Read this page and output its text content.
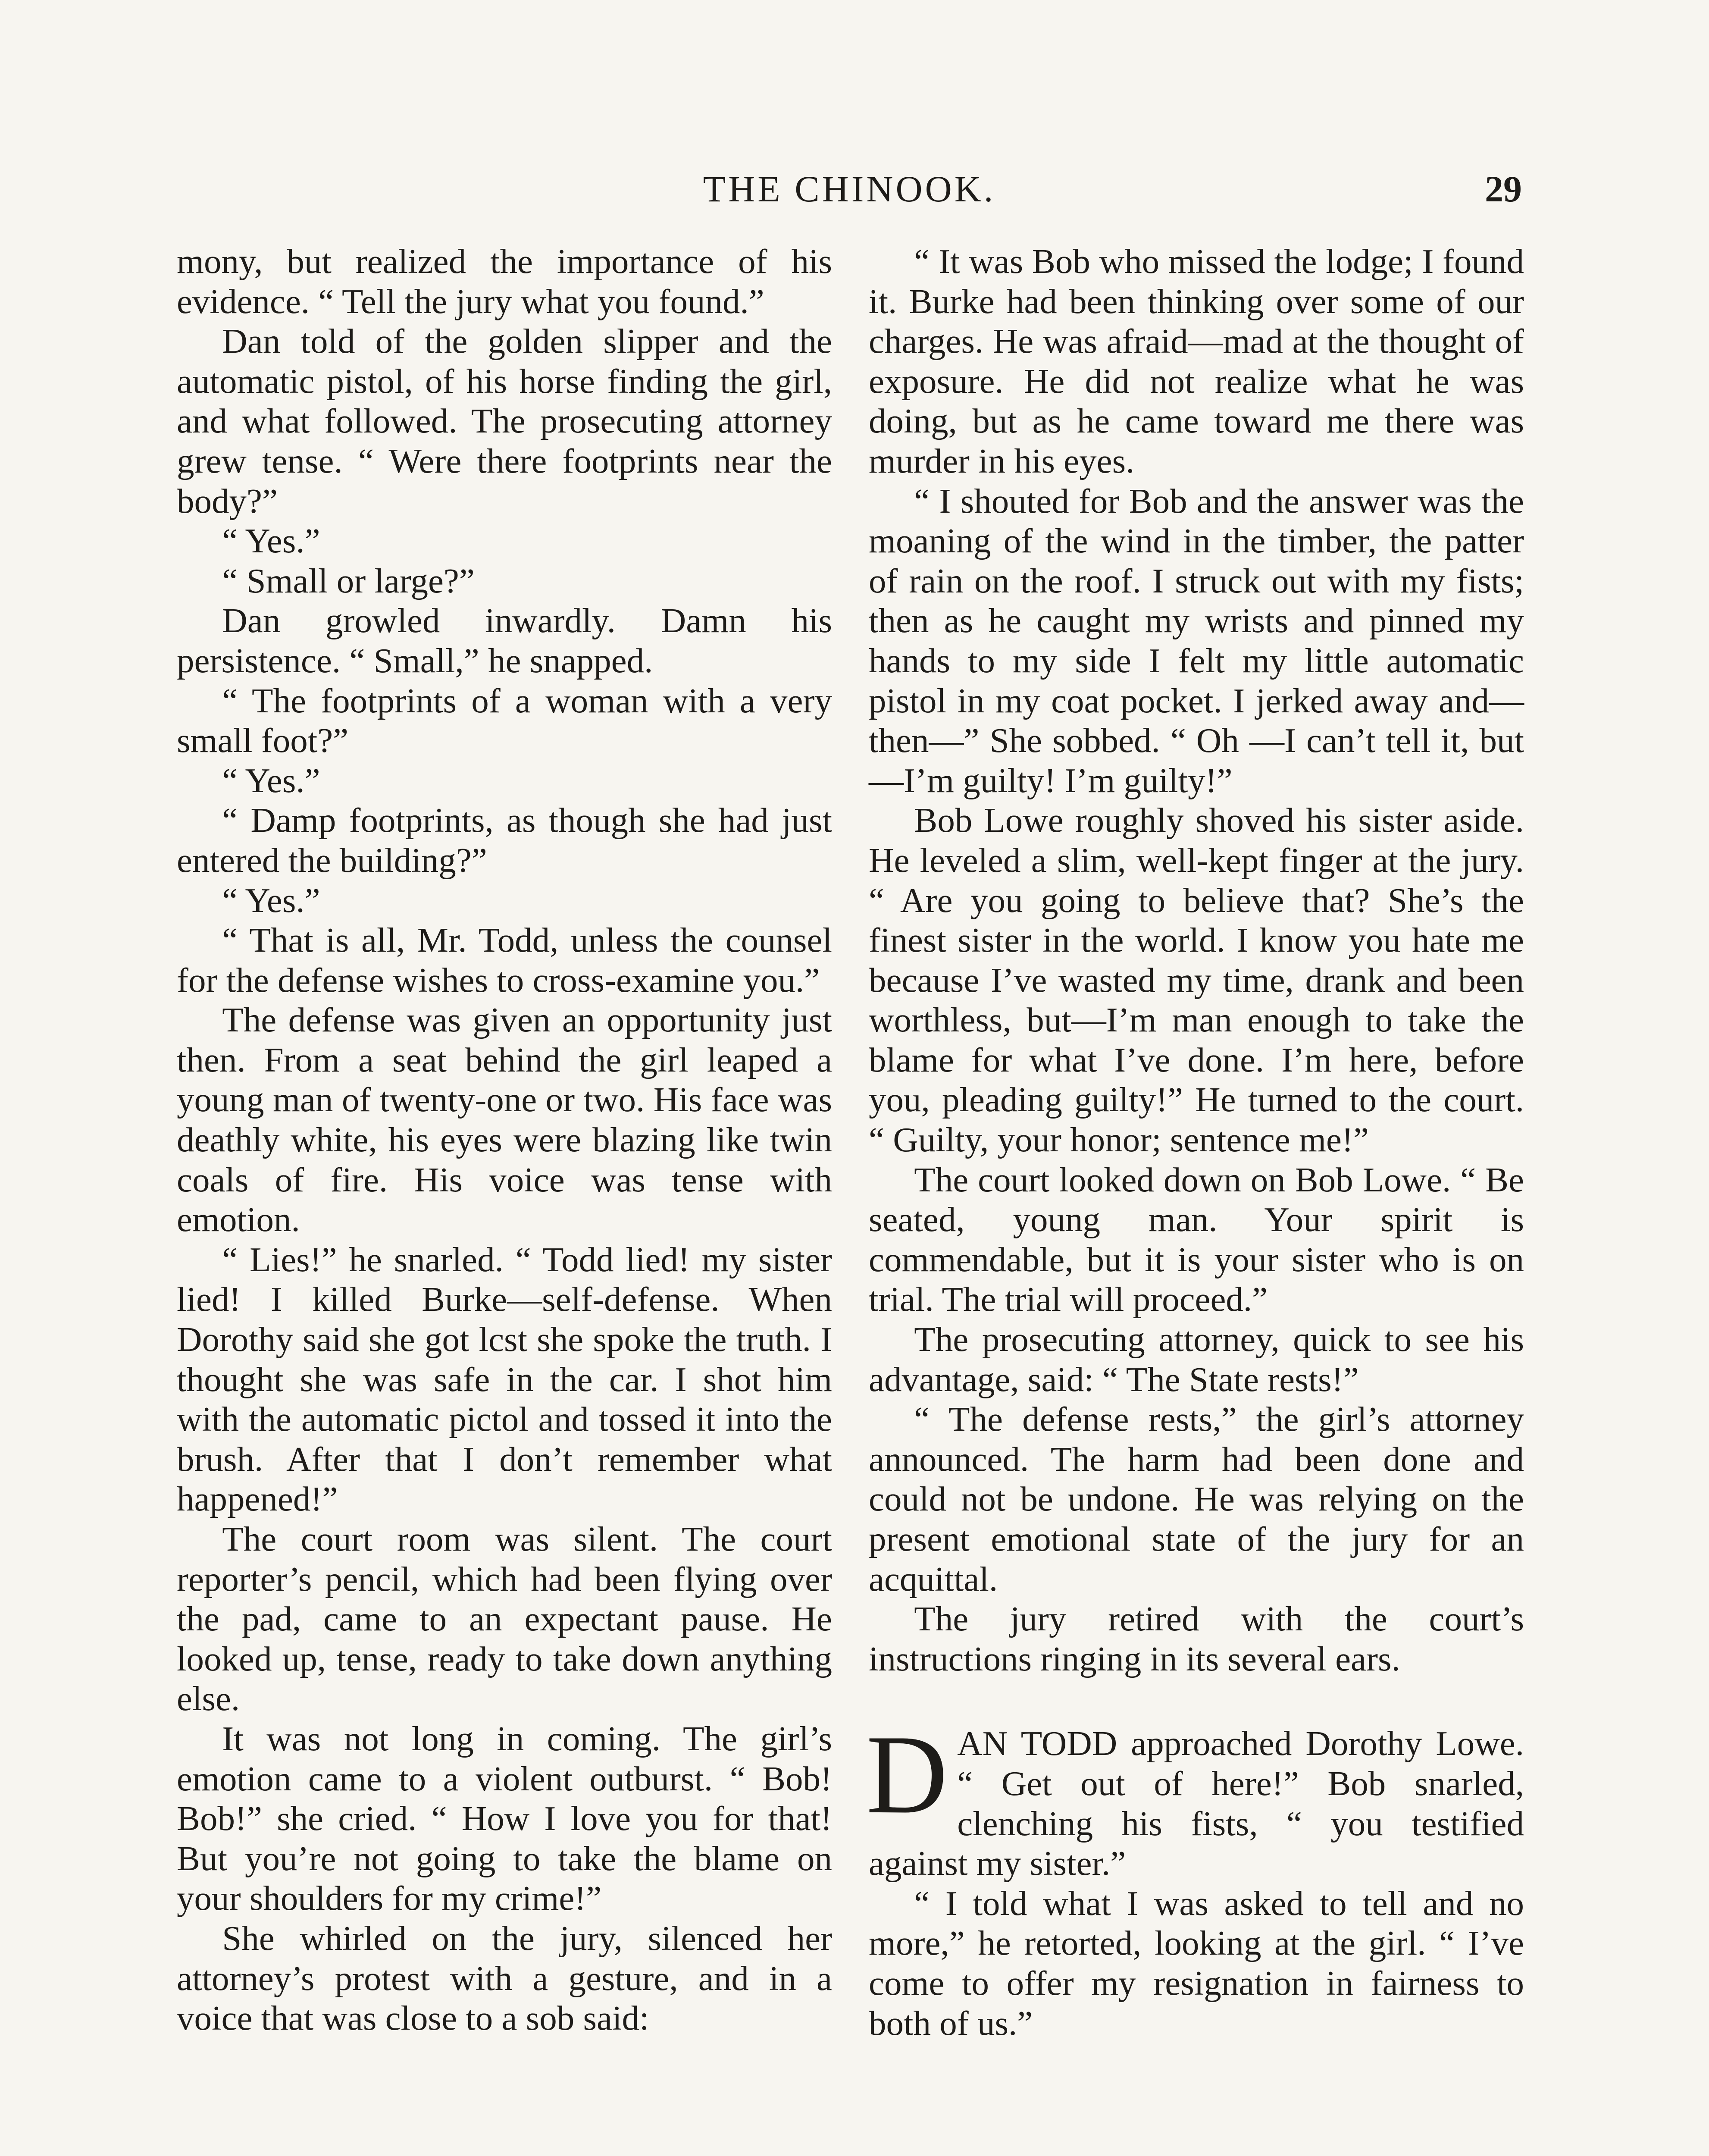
THE CHINOOK.	29

mony, but realized the importance of his evidence. “ Tell the jury what you found.”

Dan told of the golden slipper and the automatic pistol, of his horse finding the girl, and what followed. The prosecuting attorney grew tense. “ Were there footprints near the body?”

“ Yes.”

“ Small or large?”

Dan growled inwardly. Damn his persistence. “ Small,” he snapped.

“ The footprints of a woman with a very small foot?”

“ Yes.”

“ Damp footprints, as though she had just entered the building?”

“ Yes.”

“ That is all, Mr. Todd, unless the counsel for the defense wishes to cross-examine you.”

The defense was given an opportunity just then. From a seat behind the girl leaped a young man of twenty-one or two. His face was deathly white, his eyes were blazing like twin coals of fire. His voice was tense with emotion.

“ Lies!” he snarled. “ Todd lied! my sister lied! I killed Burke—self-defense. When Dorothy said she got lcst she spoke the truth. I thought she was safe in the car. I shot him with the automatic pictol and tossed it into the brush. After that I don’t remember what happened!”

The court room was silent. The court reporter’s pencil, which had been flying over the pad, came to an expectant pause. He looked up, tense, ready to take down anything else.

It was not long in coming. The girl’s emotion came to a violent outburst. “ Bob! Bob!” she cried. “ How I love you for that! But you’re not going to take the blame on your shoulders for my crime!”

She whirled on the jury, silenced her attorney’s protest with a gesture, and in a voice that was close to a sob said:

“ It was Bob who missed the lodge; I found it. Burke had been thinking over some of our charges. He was afraid—mad at the thought of exposure. He did not realize what he was doing, but as he came toward me there was murder in his eyes.

“ I shouted for Bob and the answer was the moaning of the wind in the timber, the patter of rain on the roof. I struck out with my fists; then as he caught my wrists and pinned my hands to my side I felt my little automatic pistol in my coat pocket. I jerked away and—then—” She sobbed. “ Oh —I can’t tell it, but—I’m guilty! I’m guilty!”

Bob Lowe roughly shoved his sister aside. He leveled a slim, well-kept finger at the jury. “ Are you going to believe that? She’s the finest sister in the world. I know you hate me because I’ve wasted my time, drank and been worthless, but—I’m man enough to take the blame for what I’ve done. I’m here, before you, pleading guilty!” He turned to the court. “ Guilty, your honor; sentence me!”

The court looked down on Bob Lowe. “ Be seated, young man. Your spirit is commendable, but it is your sister who is on trial. The trial will proceed.”

The prosecuting attorney, quick to see his advantage, said: “ The State rests!”

“ The defense rests,” the girl’s attorney announced. The harm had been done and could not be undone. He was relying on the present emotional state of the jury for an acquittal.

The jury retired with the court’s instructions ringing in its several ears.

DAN TODD approached Dorothy Lowe. “ Get out of here!” Bob snarled, clenching his fists, “ you testified against my sister.”

“ I told what I was asked to tell and no more,” he retorted, looking at the girl. “ I’ve come to offer my resignation in fairness to both of us.”
